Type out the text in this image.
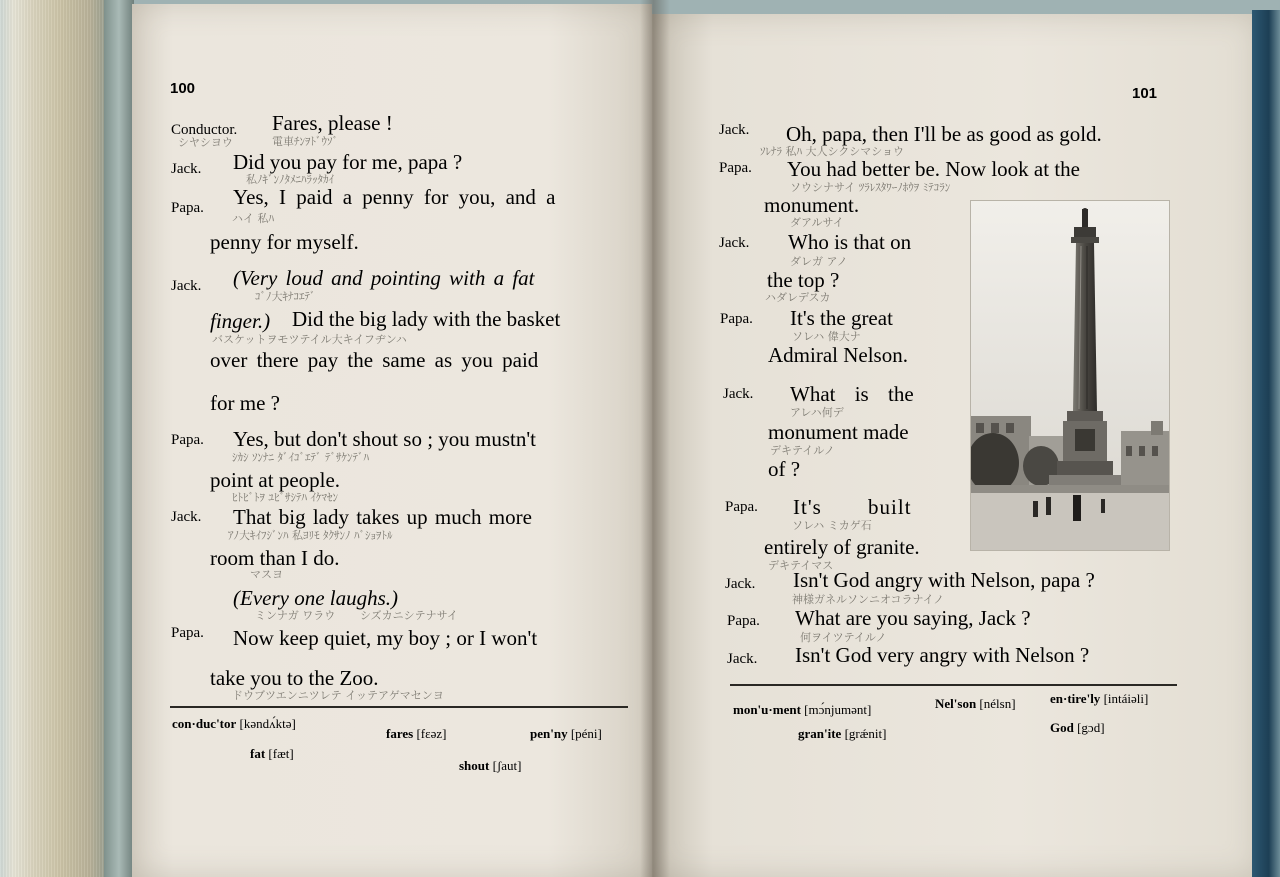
100
Conductor. Fares, please !
シヤシヨウ	電車ﾁﾝｦﾄﾞｳｿﾞ
Jack. Did you pay for me, papa ?
私ﾉｷﾞﾝﾉﾀﾒﾆﾊﾗｯﾀｶｲ
Papa. Yes, I paid a penny for you, and a
ハイ 私ﾊ
penny for myself.
Jack. (Very loud and pointing with a fat
ｺﾞﾉ大ｷﾅｺｴﾃﾞ
finger.) Did the big lady with the basket
バスケットヲモツテイル大キイフヂンハ
over there pay the same as you paid
for me ?
Papa. Yes, but don't shout so ; you mustn't
ｼｶｼ ｿﾝﾅﾆ ﾀﾞｲｺﾞｴﾃﾞ ﾃﾞｻｹﾝﾃﾞﾊ
point at people.
ﾋﾄﾋﾞﾄｦ ﾕﾋﾞｻｼﾃﾊ ｲｹﾏｾﾝ
Jack. That big lady takes up much more
ｱﾉ大ｷｲﾌｼﾞﾝﾊ 私ﾖﾘﾓ ﾀｸｻﾝﾉ ﾊﾞｼｮｦﾄﾙ
room than I do.
マスヨ
(Every one laughs.)
ミンナガ ワラウ シズカニシテナサイ
Papa. Now keep quiet, my boy ; or I won't
take you to the Zoo.
ドウブツエンニツレテ イッテアゲマセンヨ
con·duc'tor [kəndʌ́ktə]
fares [fɛəz]	pen'ny [péni]
fat [fæt]
shout [ʃaut]
101
Jack. Oh, papa, then I'll be as good as gold.
ｿﾚﾅﾗ 私ﾊ 大人シクシマショウ
Papa. You had better be. Now look at the
ソウシナサイ ﾂﾗﾚｽﾀﾜｰﾉﾎｳｦ ﾐﾃｺﾗﾝ
monument.
ダアルサイ
Jack. Who is that on
ダレガ アノ
the top ?
ハダレデスカ
Papa. It's the great
ソレハ 偉大ナ
Admiral Nelson.
Jack. What is the
アレハ何デ
monument made
デキテイルノ
of ?
Papa. It's built
ソレハ ミカゲ石
entirely of granite.
デキテイマス
Jack. Isn't God angry with Nelson, papa ?
神様ガネルソンニオコラナイノ
Papa. What are you saying, Jack ?
何ヲイツテイルノ
Jack. Isn't God very angry with Nelson ?
mon'u·ment [mɔ́njumənt]	Nel'son [nélsn]	en·tire'ly [intáiəli]
gran'ite [grǽnit]	God [gɔd]
